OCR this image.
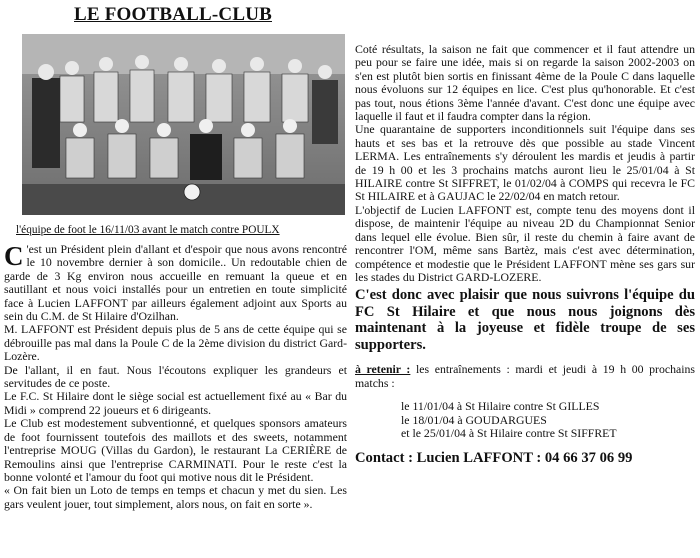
LE FOOTBALL-CLUB
l'équipe de foot le 16/11/03 avant le match contre POULX

C 'est un Président plein d'allant et d'espoir que nous avons rencontré le 10 novembre dernier à son domicile.. Un redoutable chien de garde de 3 Kg environ nous accueille en remuant la queue et en sautillant et nous voici installés pour un entretien en toute simplicité face à Lucien LAFFONT par ailleurs également adjoint aux Sports au sein du C.M. de St Hilaire d'Ozilhan.

M. LAFFONT est Président depuis plus de 5 ans de cette équipe qui se débrouille pas mal dans la Poule C de la 2ème division du district Gard-Lozère.

De l'allant, il en faut. Nous l'écoutons expliquer les grandeurs et servitudes de ce poste.

Le F.C. St Hilaire dont le siège social est actuellement fixé au « Bar du Midi » comprend 22 joueurs et 6 dirigeants.

Le Club est modestement subventionné, et quelques sponsors amateurs de foot fournissent toutefois des maillots et des sweets, notamment l'entreprise MOUG (Villas du Gardon), le restaurant La CERIÈRE de Remoulins ainsi que l'entreprise CARMINATI. Pour le reste c'est la bonne volonté et l'amour du foot qui motive nous dit le Président.

« On fait bien un Loto de temps en temps et chacun y met du sien. Les gars veulent jouer, tout simplement, alors nous, on fait en sorte ».

Coté résultats, la saison ne fait que commencer et il faut attendre un peu pour se faire une idée, mais si on regarde la saison 2002-2003 on s'en est plutôt bien sortis en finissant 4ème de la Poule C dans laquelle nous évoluons sur 12 équipes en lice. C'est plus qu'honorable. Et c'est pas tout, nous étions 3ème l'année d'avant. C'est donc une équipe avec laquelle il faut et il faudra compter dans la région.

Une quarantaine de supporters inconditionnels suit l'équipe dans ses hauts et ses bas et la retrouve dès que possible au stade Vincent LERMA. Les entraînements s'y déroulent les mardis et jeudis à partir de 19 h 00 et les 3 prochains matchs auront lieu le 25/01/04 à St HILAIRE contre St SIFFRET, le 01/02/04 à COMPS qui recevra le FC St HILAIRE et à GAUJAC le 22/02/04 en match retour.

L'objectif de Lucien LAFFONT est, compte tenu des moyens dont il dispose, de maintenir l'équipe au niveau 2D du Championnat Senior dans lequel elle évolue. Bien sûr, il reste du chemin à faire avant de rencontrer l'OM, même sans Bartèz, mais c'est avec détermination, compétence et modestie que le Président LAFFONT mène ses gars sur les stades du District GARD-LOZERE.

C'est donc avec plaisir que nous suivrons l'équipe du FC St Hilaire et que nous nous joignons dès maintenant à la joyeuse et fidèle troupe de ses supporters.

à retenir : les entraînements : mardi et jeudi à 19 h 00 prochains matchs :

le 11/01/04 à St Hilaire contre St GILLES
le 18/01/04 à GOUDARGUES
et le 25/01/04 à St Hilaire contre St SIFFRET

Contact : Lucien LAFFONT : 04 66 37 06 99
